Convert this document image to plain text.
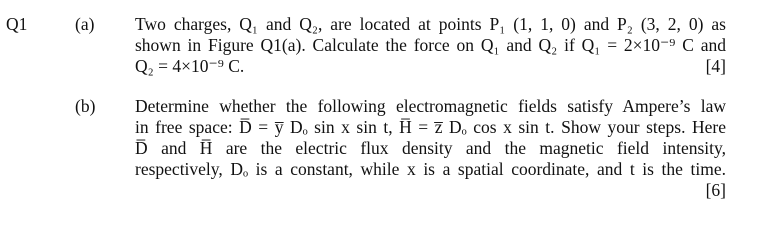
Q1	(a) Two charges, Q₁ and Q₂, are located at points P₁ (1, 1, 0) and P₂ (3, 2, 0) as
shown in Figure Q1(a). Calculate the force on Q₁ and Q₂ if Q₁ = 2×10⁻⁹ C and
Q₂ = 4×10⁻⁹ C.	[4]
(b) Determine whether the following electromagnetic fields satisfy Ampere’s law
in free space: D̅ = y̅ Dₒ sin x sin t, H̅ = z̅ Dₒ cos x sin t. Show your steps. Here
D̅ and H̅ are the electric flux density and the magnetic field intensity,
respectively, Dₒ is a constant, while x is a spatial coordinate, and t is the time.
[6]
